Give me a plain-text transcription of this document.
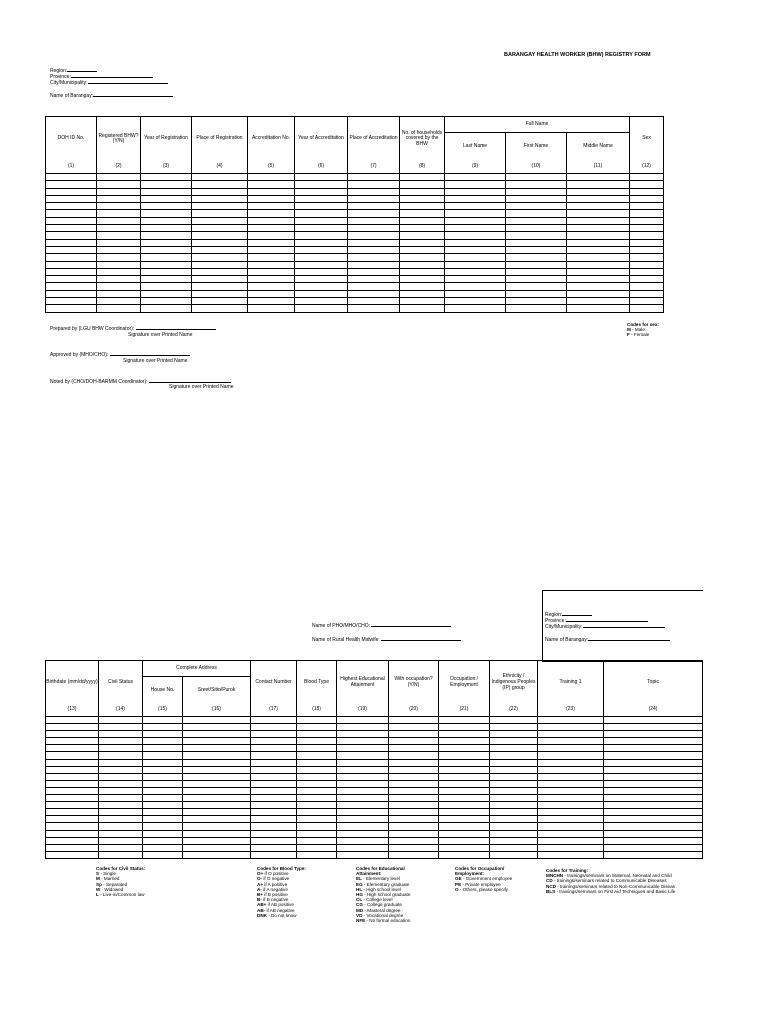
BARANGAY HEALTH WORKER (BHW) REGISTRY FORM
Region:
Province:
City/Municipality:
Name of Barangay:
DOH ID No.	Registered BHW? (Y/N)	Year of Registration	Place of Registration	Accreditation No.	Year of Accreditation	Place of Accreditation	No. of households covered by the BHW	Full Name			Sex
								Last Name	First Name	Middle Name	
(1)	(2)	(3)	(4)	(5)	(6)	(7)	(8)	(9)	(10)	(11)	(12)

Codes for sex:
M - Male
F - Female
Prepared by (LGU BHW Coordinator):
Signature over Printed Name
Approved by (MHO/CHO):
Signature over Printed Name
Noted by (CHO/DOH-BARMM Coordinator):
Signature over Printed Name
Region:
Province:
City/Municipality:
Name of Barangay:
Name of PHO/MHO/CHO:
Name of Rural Health Midwife:
Birthdate (mm/dd/yyyy)	Civil Status	Complete Address		Contact Number	Blood Type	Highest Educational Attainment	With occupation? (Y/N)	Occupation / Employment	Ethnicity / Indigenous Peoples (IP) group	Training 1	Topic
		House No.	Sreet/Sitio/Purok								
(13)	(14)	(15)	(16)	(17)	(18)	(19)	(20)	(21)	(22)	(23)	(24)

Codes for Civil Status:
S - Single
M - Married
Sp - Separated
W - Widowed
L - Live-in/Common law
Codes for Blood Type:
O+ if O positive
O- if O negative
A+ if A positive
A- if A negative
B+ if B positive
B- if B negative
AB+ if AB positive
AB- if AB negative
DNK - Do not know
Codes for Educational Attainment:
EL - Elementary level
EG - Elementary graduate
HL - High school level
HG - High school graduate
CL - College level
CG - College graduate
MD - Masteral degree
VD - Vocational degree
NFE - No formal education
Codes for Occupation/ Employment:
GE - Government employee
PE - Private employee
O - Others, please specify
Codes for Training:
MNCHN - trainings/seminars on Maternal, Neonatal and Child
CD - trainings/seminars related to Communicable Diseases
NCD - trainings/seminars related to Non-Communicable Diseas
BLS - trainings/seminars on First Aid Techniques and Basic Life
